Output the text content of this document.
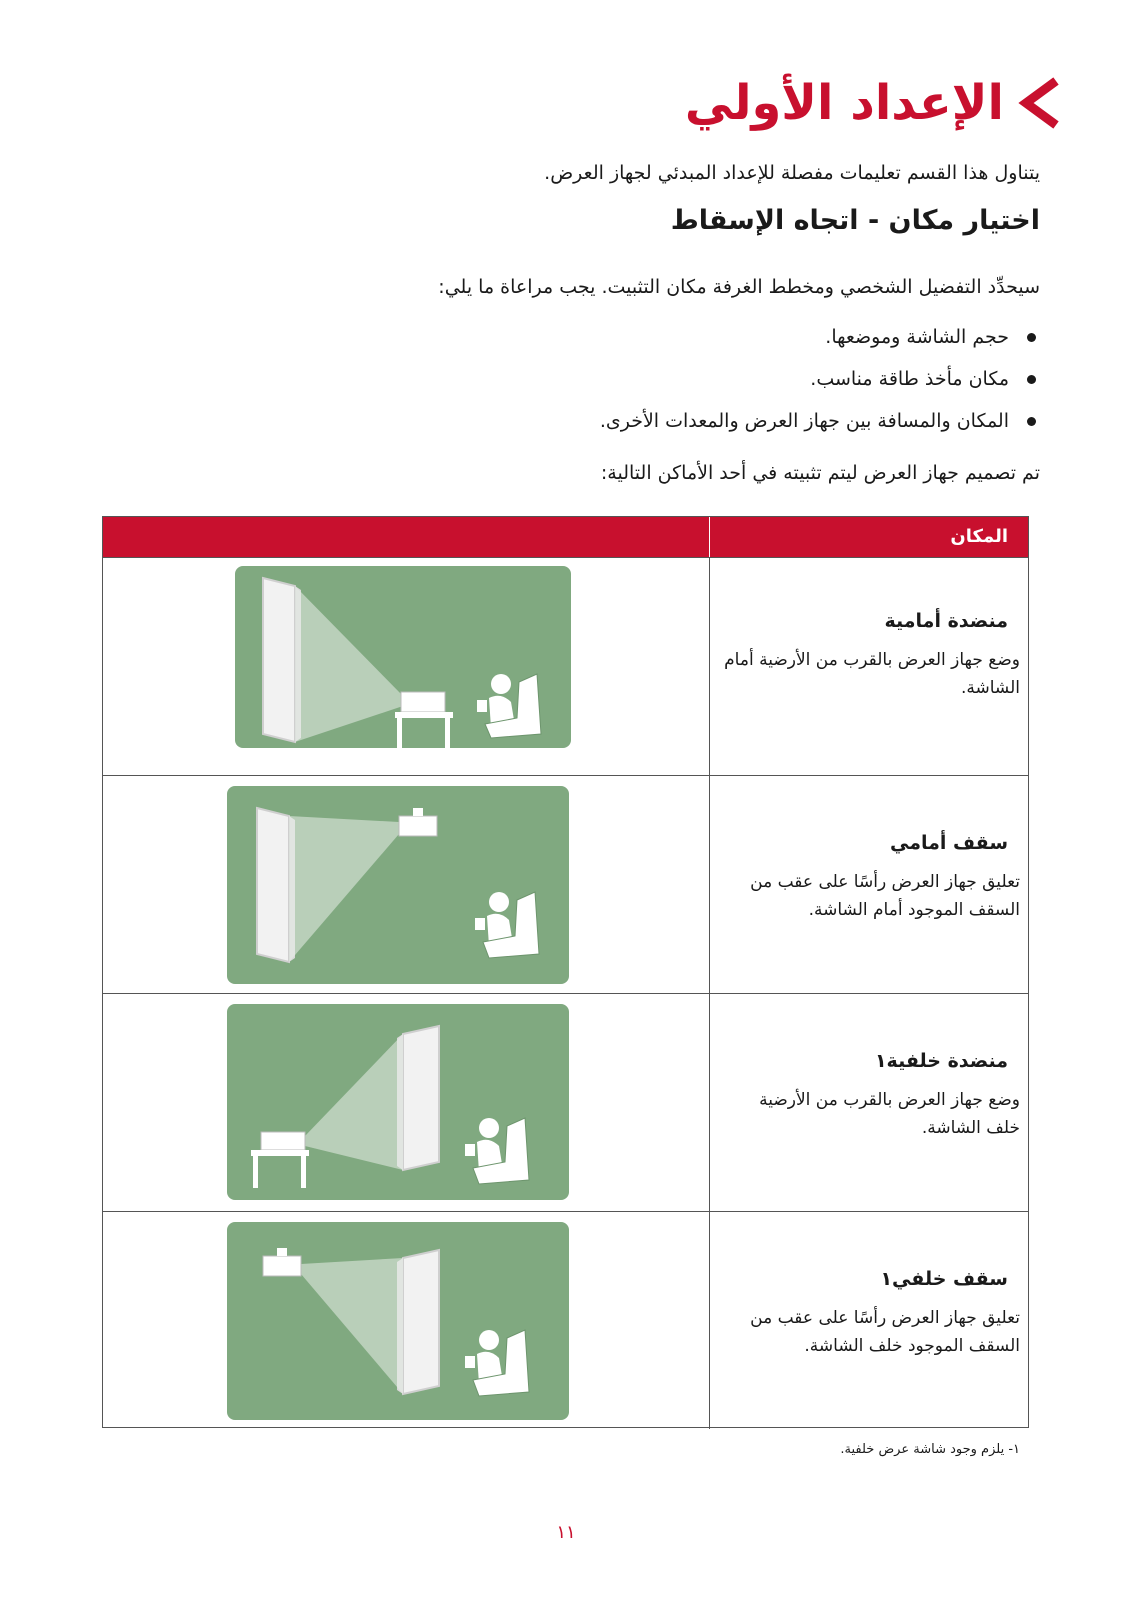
الإعداد الأولي
يتناول هذا القسم تعليمات مفصلة للإعداد المبدئي لجهاز العرض.
اختيار مكان - اتجاه الإسقاط
سيحدِّد التفضيل الشخصي ومخطط الغرفة مكان التثبيت. يجب مراعاة ما يلي:
حجم الشاشة وموضعها.
مكان مأخذ طاقة مناسب.
المكان والمسافة بين جهاز العرض والمعدات الأخرى.
تم تصميم جهاز العرض ليتم تثبيته في أحد الأماكن التالية:
المكان
منضدة أمامية
وضع جهاز العرض بالقرب من الأرضية أمام الشاشة.
سقف أمامي
تعليق جهاز العرض رأسًا على عقب من السقف الموجود أمام الشاشة.
منضدة خلفية١
وضع جهاز العرض بالقرب من الأرضية خلف الشاشة.
سقف خلفي١
تعليق جهاز العرض رأسًا على عقب من السقف الموجود خلف الشاشة.
١- يلزم وجود شاشة عرض خلفية.
١١
